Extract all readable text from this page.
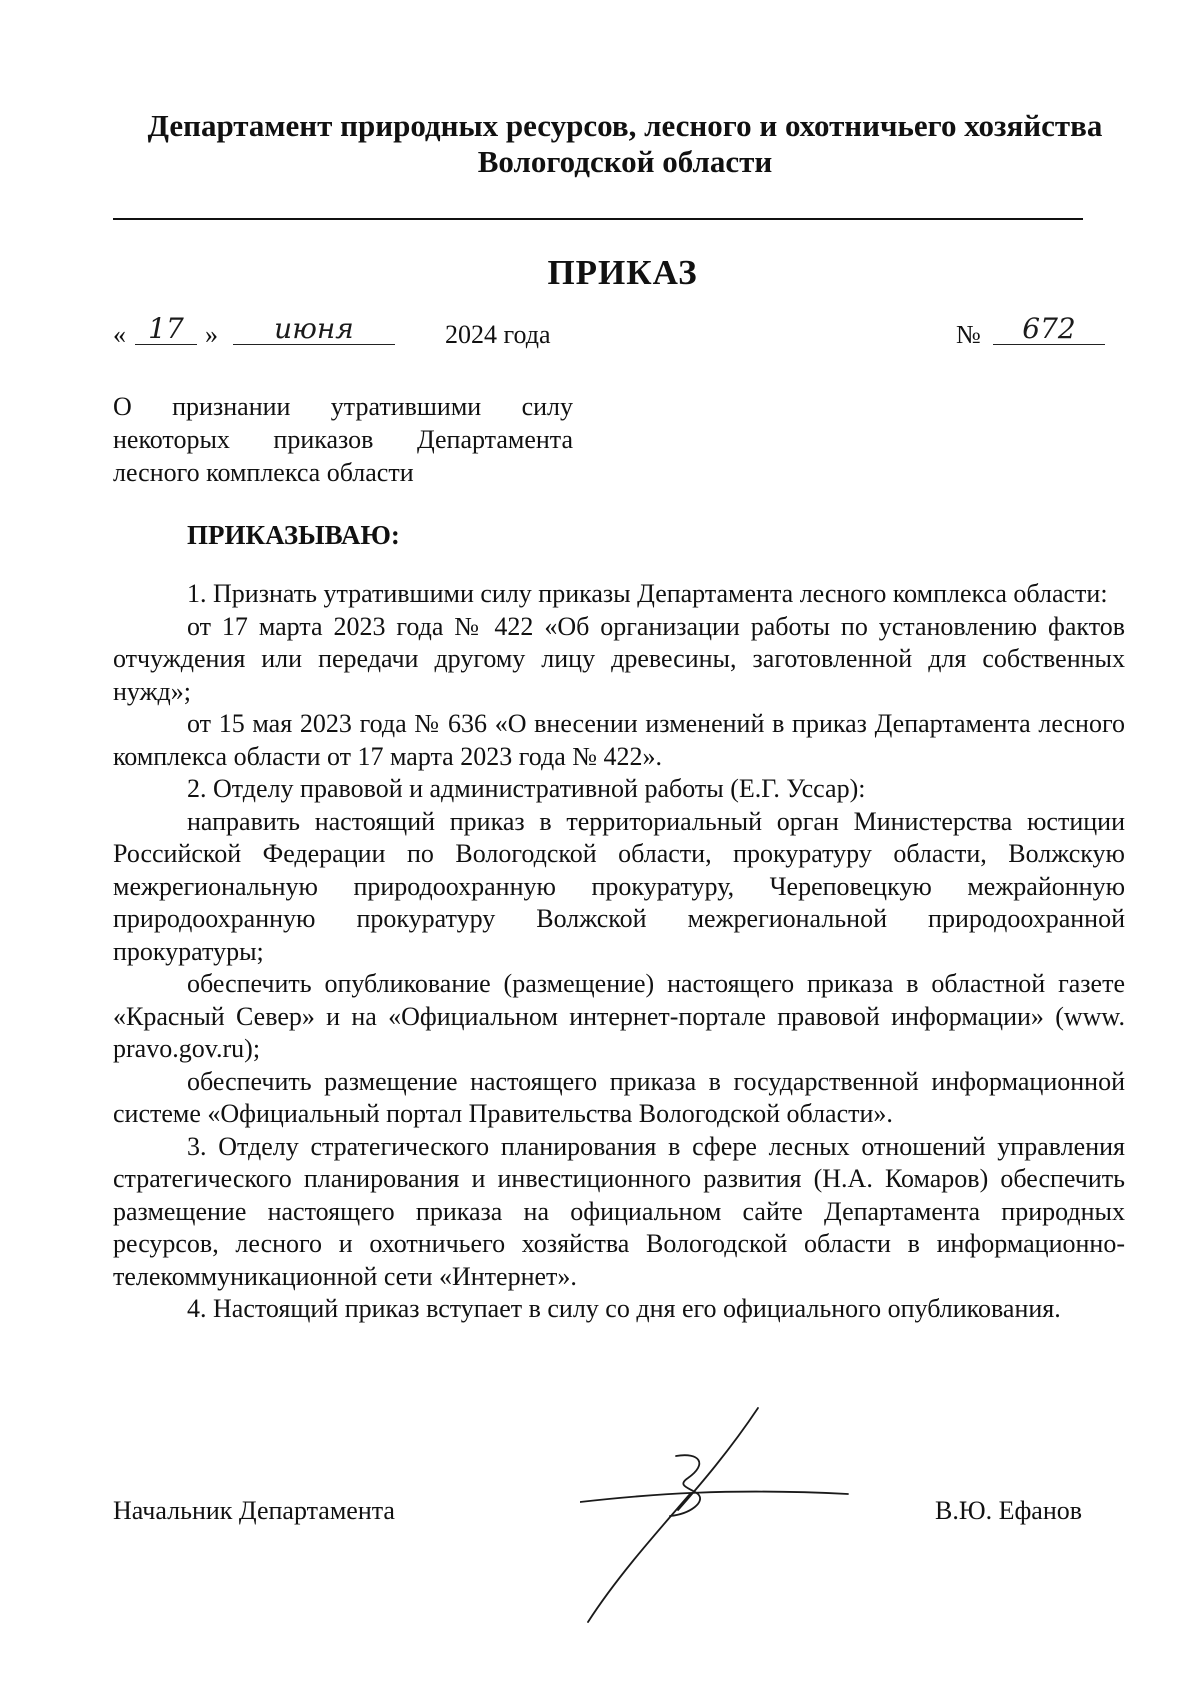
Департамент природных ресурсов, лесного и охотничьего хозяйства
Вологодской области
ПРИКАЗ
« 17 »	июня	2024 года	№	672
О признании утратившими силу
некоторых приказов Департамента
лесного комплекса области
ПРИКАЗЫВАЮ:

1. Признать утратившими силу приказы Департамента лесного комплекса области:

от 17 марта 2023 года № 422 «Об организации работы по установлению фактов отчуждения или передачи другому лицу древесины, заготовленной для собственных нужд»;

от 15 мая 2023 года № 636 «О внесении изменений в приказ Департамента лесного комплекса области от 17 марта 2023 года № 422».

2. Отделу правовой и административной работы (Е.Г. Уссар):

направить настоящий приказ в территориальный орган Министерства юстиции Российской Федерации по Вологодской области, прокуратуру области, Волжскую межрегиональную природоохранную прокуратуру, Череповецкую межрайонную природоохранную прокуратуру Волжской межрегиональной природоохранной прокуратуры;

обеспечить опубликование (размещение) настоящего приказа в областной газете «Красный Север» и на «Официальном интернет-портале правовой информации» (www. pravo.gov.ru);

обеспечить размещение настоящего приказа в государственной информационной системе «Официальный портал Правительства Вологодской области».

3. Отделу стратегического планирования в сфере лесных отношений управления стратегического планирования и инвестиционного развития (Н.А. Комаров) обеспечить размещение настоящего приказа на официальном сайте Департамента природных ресурсов, лесного и охотничьего хозяйства Вологодской области в информационно-телекоммуникационной сети «Интернет».

4. Настоящий приказ вступает в силу со дня его официального опубликования.

Начальник Департамента	В.Ю. Ефанов
